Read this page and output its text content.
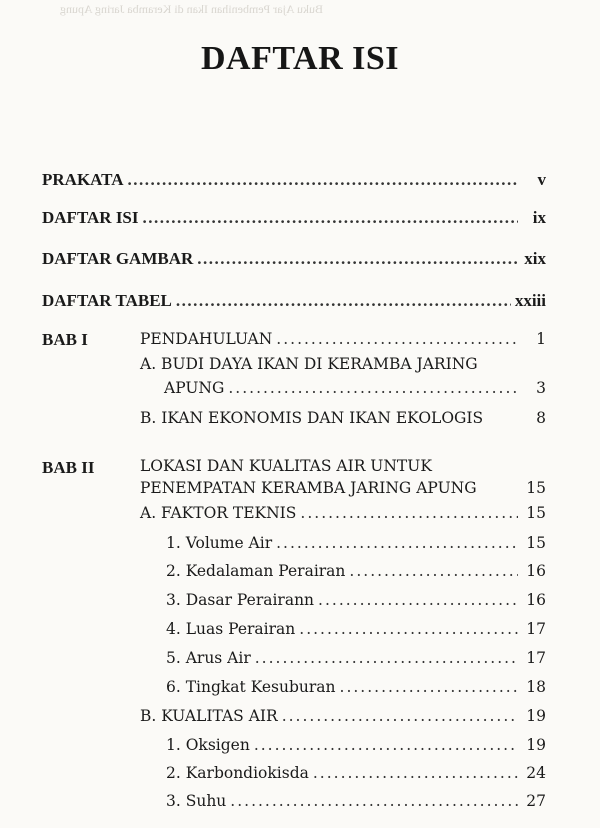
Buku Ajar Pembenihan Ikan di Keramba Jaring Apung
DAFTAR ISI
PRAKATA .....	v
DAFTAR ISI .....	ix
DAFTAR GAMBAR .....	xix
DAFTAR TABEL .....	xxiii
BAB I	PENDAHULUAN .....	1
A. BUDI DAYA IKAN DI KERAMBA JARING
APUNG .....	3
B. IKAN EKONOMIS DAN IKAN EKOLOGIS	8
BAB II	LOKASI DAN KUALITAS AIR UNTUK
PENEMPATAN KERAMBA JARING APUNG	15
A. FAKTOR TEKNIS .....	15
1. Volume Air .....	15
2. Kedalaman Perairan .....	16
3. Dasar Perairann .....	16
4. Luas Perairan .....	17
5. Arus Air .....	17
6. Tingkat Kesuburan .....	18
B. KUALITAS AIR .....	19
1. Oksigen .....	19
2. Karbondiokisda .....	24
3. Suhu .....	27
